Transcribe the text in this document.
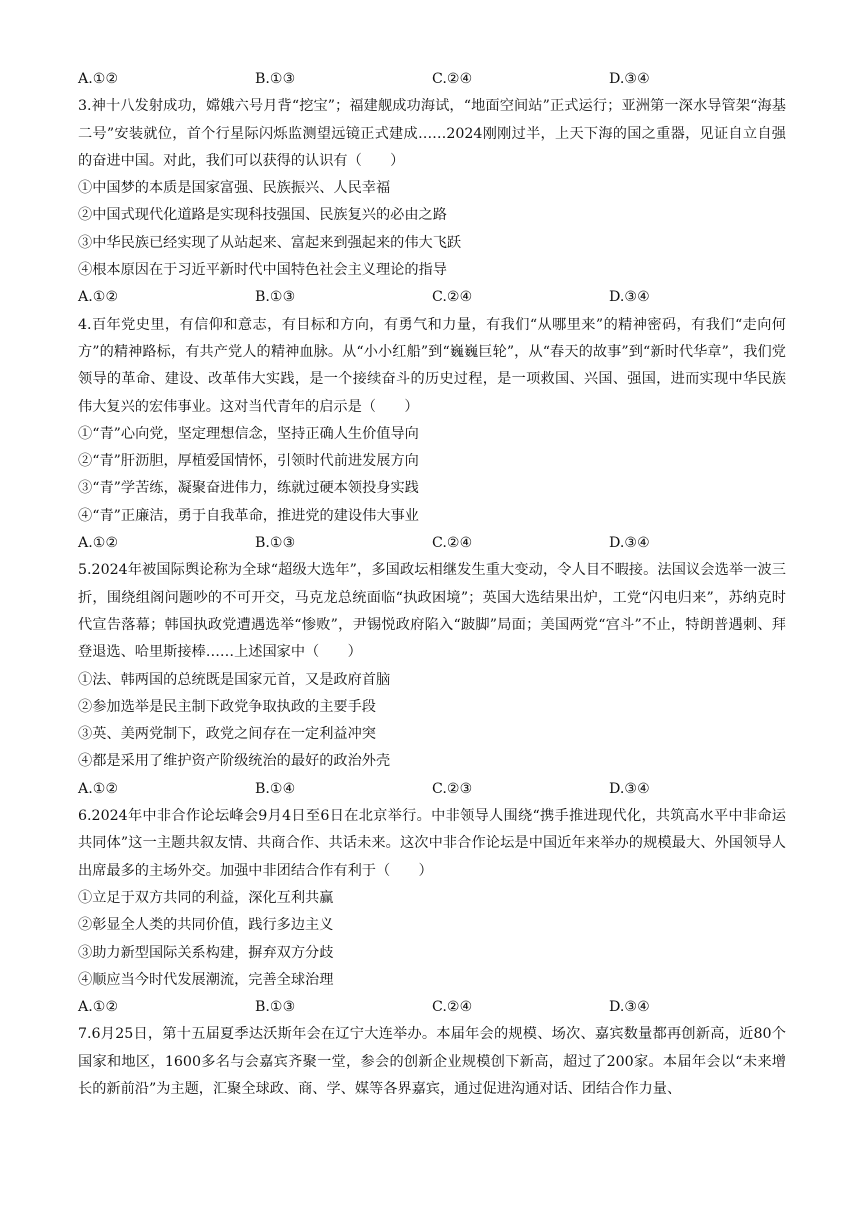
A.①②	B.①③	C.②④	D.③④
3.神十八发射成功，嫦娥六号月背“挖宝”；福建舰成功海试，“地面空间站”正式运行；亚洲第一深水导管架“海基二号”安装就位，首个行星际闪烁监测望远镜正式建成……2024刚刚过半，上天下海的国之重器，见证自立自强的奋进中国。对此，我们可以获得的认识有（　　）
①中国梦的本质是国家富强、民族振兴、人民幸福
②中国式现代化道路是实现科技强国、民族复兴的必由之路
③中华民族已经实现了从站起来、富起来到强起来的伟大飞跃
④根本原因在于习近平新时代中国特色社会主义理论的指导
A.①②	B.①③	C.②④	D.③④
4.百年党史里，有信仰和意志，有目标和方向，有勇气和力量，有我们“从哪里来”的精神密码，有我们“走向何方”的精神路标，有共产党人的精神血脉。从“小小红船”到“巍巍巨轮”，从“春天的故事”到“新时代华章”，我们党领导的革命、建设、改革伟大实践，是一个接续奋斗的历史过程，是一项救国、兴国、强国，进而实现中华民族伟大复兴的宏伟事业。这对当代青年的启示是（　　）
①“青”心向党，坚定理想信念，坚持正确人生价值导向
②“青”肝沥胆，厚植爱国情怀，引领时代前进发展方向
③“青”学苦练，凝聚奋进伟力，练就过硬本领投身实践
④“青”正廉洁，勇于自我革命，推进党的建设伟大事业
A.①②	B.①③	C.②④	D.③④
5.2024年被国际舆论称为全球“超级大选年”，多国政坛相继发生重大变动，令人目不暇接。法国议会选举一波三折，围绕组阁问题吵的不可开交，马克龙总统面临“执政困境”；英国大选结果出炉，工党“闪电归来”，苏纳克时代宣告落幕；韩国执政党遭遇选举“惨败”，尹锡悦政府陷入“跛脚”局面；美国两党“宫斗”不止，特朗普遇刺、拜登退选、哈里斯接棒……上述国家中（　　）
①法、韩两国的总统既是国家元首，又是政府首脑
②参加选举是民主制下政党争取执政的主要手段
③英、美两党制下，政党之间存在一定利益冲突
④都是采用了维护资产阶级统治的最好的政治外壳
A.①②	B.①④	C.②③	D.③④
6.2024年中非合作论坛峰会9月4日至6日在北京举行。中非领导人围绕“携手推进现代化，共筑高水平中非命运共同体”这一主题共叙友情、共商合作、共话未来。这次中非合作论坛是中国近年来举办的规模最大、外国领导人出席最多的主场外交。加强中非团结合作有利于（　　）
①立足于双方共同的利益，深化互利共赢
②彰显全人类的共同价值，践行多边主义
③助力新型国际关系构建，摒弃双方分歧
④顺应当今时代发展潮流，完善全球治理
A.①②	B.①③	C.②④	D.③④
7.6月25日，第十五届夏季达沃斯年会在辽宁大连举办。本届年会的规模、场次、嘉宾数量都再创新高，近80个国家和地区，1600多名与会嘉宾齐聚一堂，参会的创新企业规模创下新高，超过了200家。本届年会以“未来增长的新前沿”为主题，汇聚全球政、商、学、媒等各界嘉宾，通过促进沟通对话、团结合作力量、
